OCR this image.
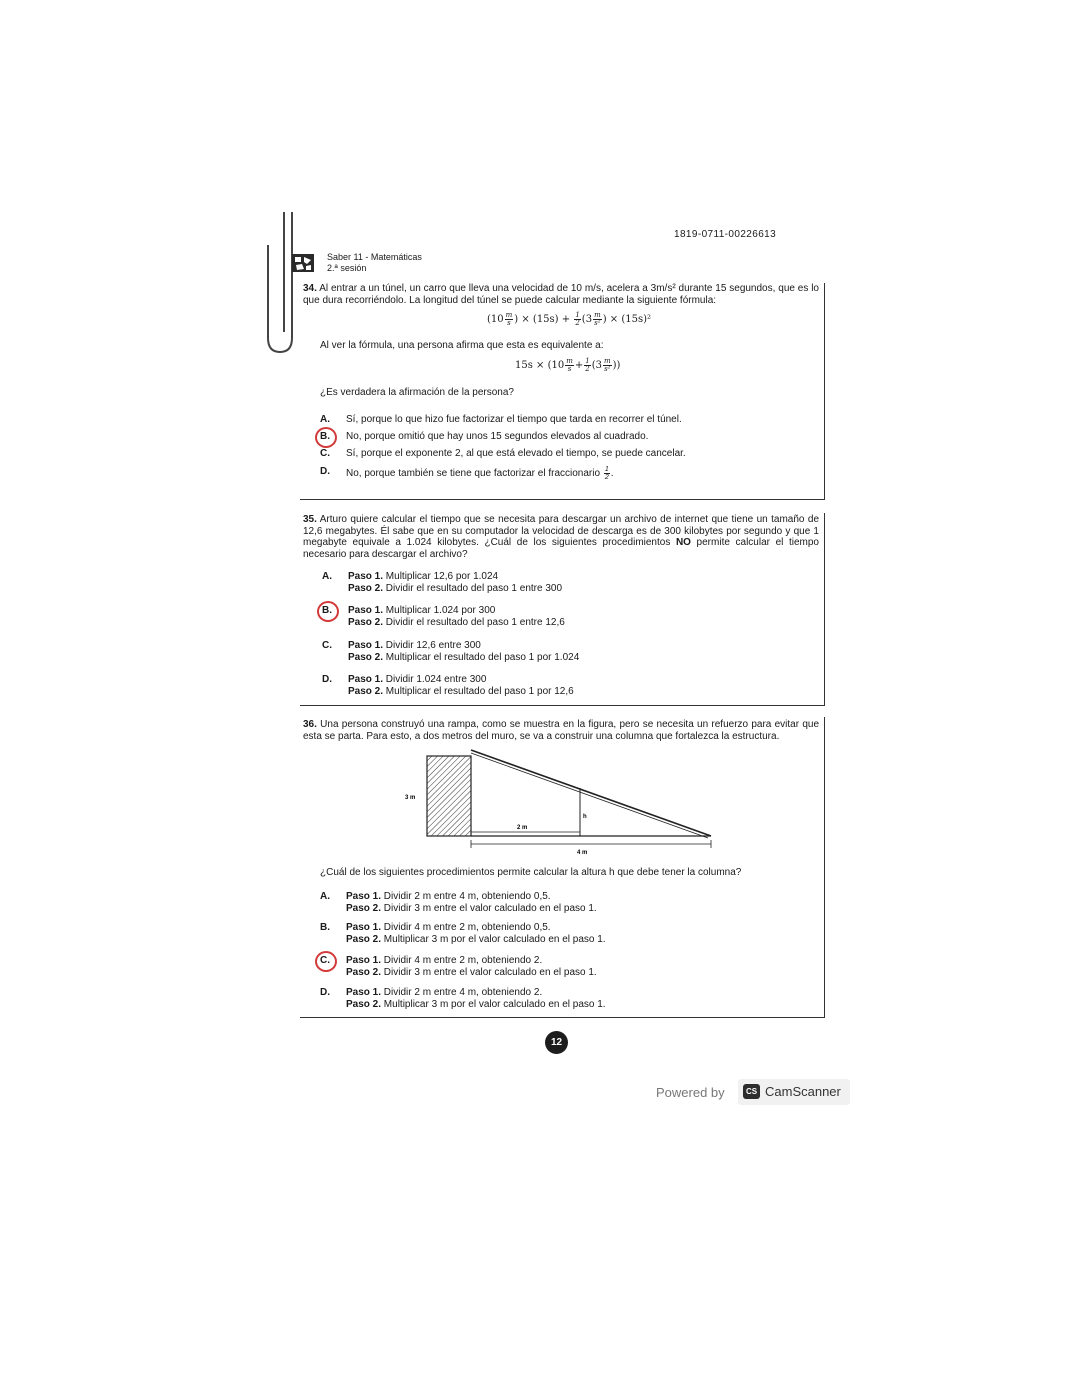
1819-0711-00226613
Saber 11 - Matemáticas
2.ª sesión
34. Al entrar a un túnel, un carro que lleva una velocidad de 10 m/s, acelera a 3m/s² durante 15 segundos, que es lo que dura recorriéndolo. La longitud del túnel se puede calcular mediante la siguiente fórmula:
($10 \frac{m}{s}$ ) × $(15s) + \frac{1}{2} (3 \frac{m}{\text{s²}}$ ) × (15s)²
Al ver la fórmula, una persona afirma que esta es equivalente a:
$15s \times (10 \frac{m}{s} + \frac{1}{2} (3 \frac{m}{\text{s²}}$ ))
¿Es verdadera la afirmación de la persona?
A.	Sí, porque lo que hizo fue factorizar el tiempo que tarda en recorrer el túnel.
B.	No, porque omitió que hay unos 15 segundos elevados al cuadrado.
C.	Sí, porque el exponente 2, al que está elevado el tiempo, se puede cancelar.
D.	No, porque también se tiene que factorizar el fraccionario $\frac{1}{2}$ .
35. Arturo quiere calcular el tiempo que se necesita para descargar un archivo de internet que tiene un tamaño de 12,6 megabytes. Él sabe que en su computador la velocidad de descarga es de 300 kilobytes por segundo y que 1 megabyte equivale a 1.024 kilobytes. ¿Cuál de los siguientes procedimientos NO permite calcular el tiempo necesario para descargar el archivo?
A.	Paso 1. Multiplicar 12,6 por 1.024
Paso 2. Dividir el resultado del paso 1 entre 300
B.	Paso 1. Multiplicar 1.024 por 300
Paso 2. Dividir el resultado del paso 1 entre 12,6
C.	Paso 1. Dividir 12,6 entre 300
Paso 2. Multiplicar el resultado del paso 1 por 1.024
D.	Paso 1. Dividir 1.024 entre 300
Paso 2. Multiplicar el resultado del paso 1 por 12,6
36. Una persona construyó una rampa, como se muestra en la figura, pero se necesita un refuerzo para evitar que esta se parta. Para esto, a dos metros del muro, se va a construir una columna que fortalezca la estructura.
3 m
h
2 m
4 m
¿Cuál de los siguientes procedimientos permite calcular la altura h que debe tener la columna?
A.	Paso 1. Dividir 2 m entre 4 m, obteniendo 0,5.
Paso 2. Dividir 3 m entre el valor calculado en el paso 1.
B.	Paso 1. Dividir 4 m entre 2 m, obteniendo 0,5.
Paso 2. Multiplicar 3 m por el valor calculado en el paso 1.
C.	Paso 1. Dividir 4 m entre 2 m, obteniendo 2.
Paso 2. Dividir 3 m entre el valor calculado en el paso 1.
D.	Paso 1. Dividir 2 m entre 4 m, obteniendo 2.
Paso 2. Multiplicar 3 m por el valor calculado en el paso 1.
12
Powered by	CS CamScanner
